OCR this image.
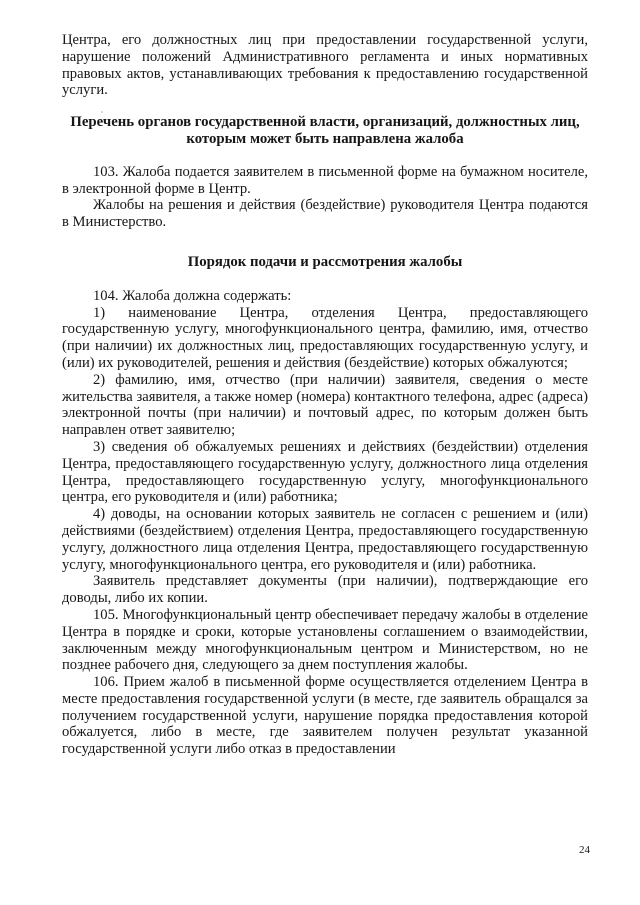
Центра, его должностных лиц при предоставлении государственной услуги, нарушение положений Административного регламента и иных нормативных правовых актов, устанавливающих требования к предоставлению государственной услуги.

Перечень органов государственной власти, организаций, должностных лиц, которым может быть направлена жалоба

103. Жалоба подается заявителем в письменной форме на бумажном носителе, в электронной форме в Центр.

Жалобы на решения и действия (бездействие) руководителя Центра подаются в Министерство.

Порядок подачи и рассмотрения жалобы

104. Жалоба должна содержать:

1) наименование Центра, отделения Центра, предоставляющего государственную услугу, многофункционального центра, фамилию, имя, отчество (при наличии) их должностных лиц, предоставляющих государственную услугу, и (или) их руководителей, решения и действия (бездействие) которых обжалуются;

2) фамилию, имя, отчество (при наличии) заявителя, сведения о месте жительства заявителя, а также номер (номера) контактного телефона, адрес (адреса) электронной почты (при наличии) и почтовый адрес, по которым должен быть направлен ответ заявителю;

3) сведения об обжалуемых решениях и действиях (бездействии) отделения Центра, предоставляющего государственную услугу, должностного лица отделения Центра, предоставляющего государственную услугу, многофункционального центра, его руководителя и (или) работника;

4) доводы, на основании которых заявитель не согласен с решением и (или) действиями (бездействием) отделения Центра, предоставляющего государственную услугу, должностного лица отделения Центра, предоставляющего государственную услугу, многофункционального центра, его руководителя и (или) работника.

Заявитель представляет документы (при наличии), подтверждающие его доводы, либо их копии.

105. Многофункциональный центр обеспечивает передачу жалобы в отделение Центра в порядке и сроки, которые установлены соглашением о взаимодействии, заключенным между многофункциональным центром и Министерством, но не позднее рабочего дня, следующего за днем поступления жалобы.

106. Прием жалоб в письменной форме осуществляется отделением Центра в месте предоставления государственной услуги (в месте, где заявитель обращался за получением государственной услуги, нарушение порядка предоставления которой обжалуется, либо в месте, где заявителем получен результат указанной государственной услуги либо отказ в предоставлении

24
